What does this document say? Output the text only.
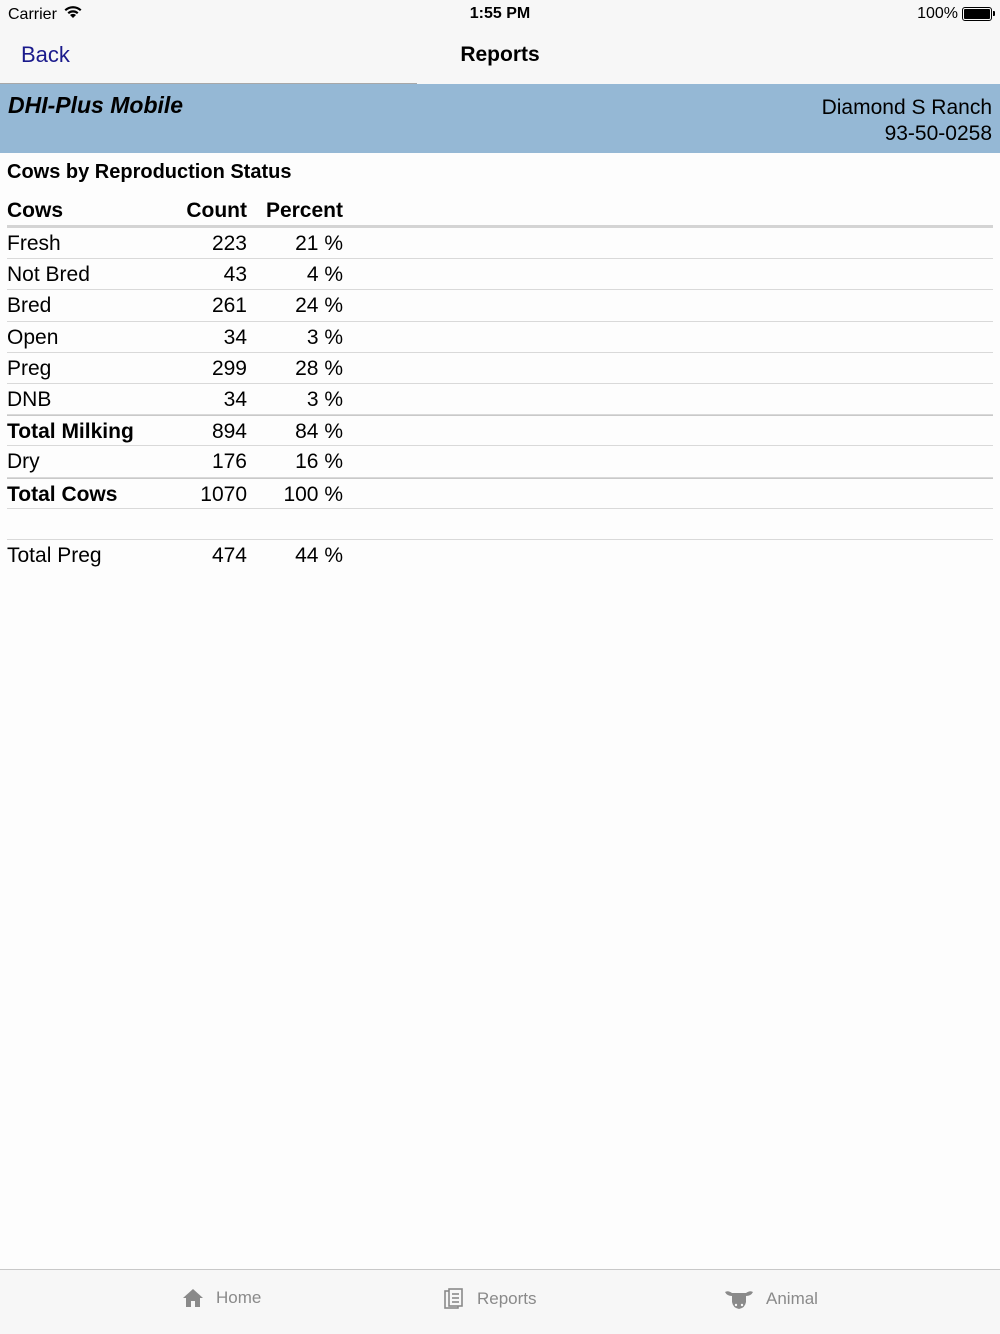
Carrier	1:55 PM	100%
Back	Reports
DHI-Plus Mobile	Diamond S Ranch
93-50-0258
Cows by Reproduction Status
Cows	Count Percent
Fresh	223 21 %
Not Bred	43	4 %
Bred	261 24 %
Open	34	3 %
Preg	299 28 %
DNB	34	3 %
Total Milking	894 84 %
Dry	176 16 %
Total Cows	1070 100 %
Total Preg	474 44 %
Home	Reports	Animal
